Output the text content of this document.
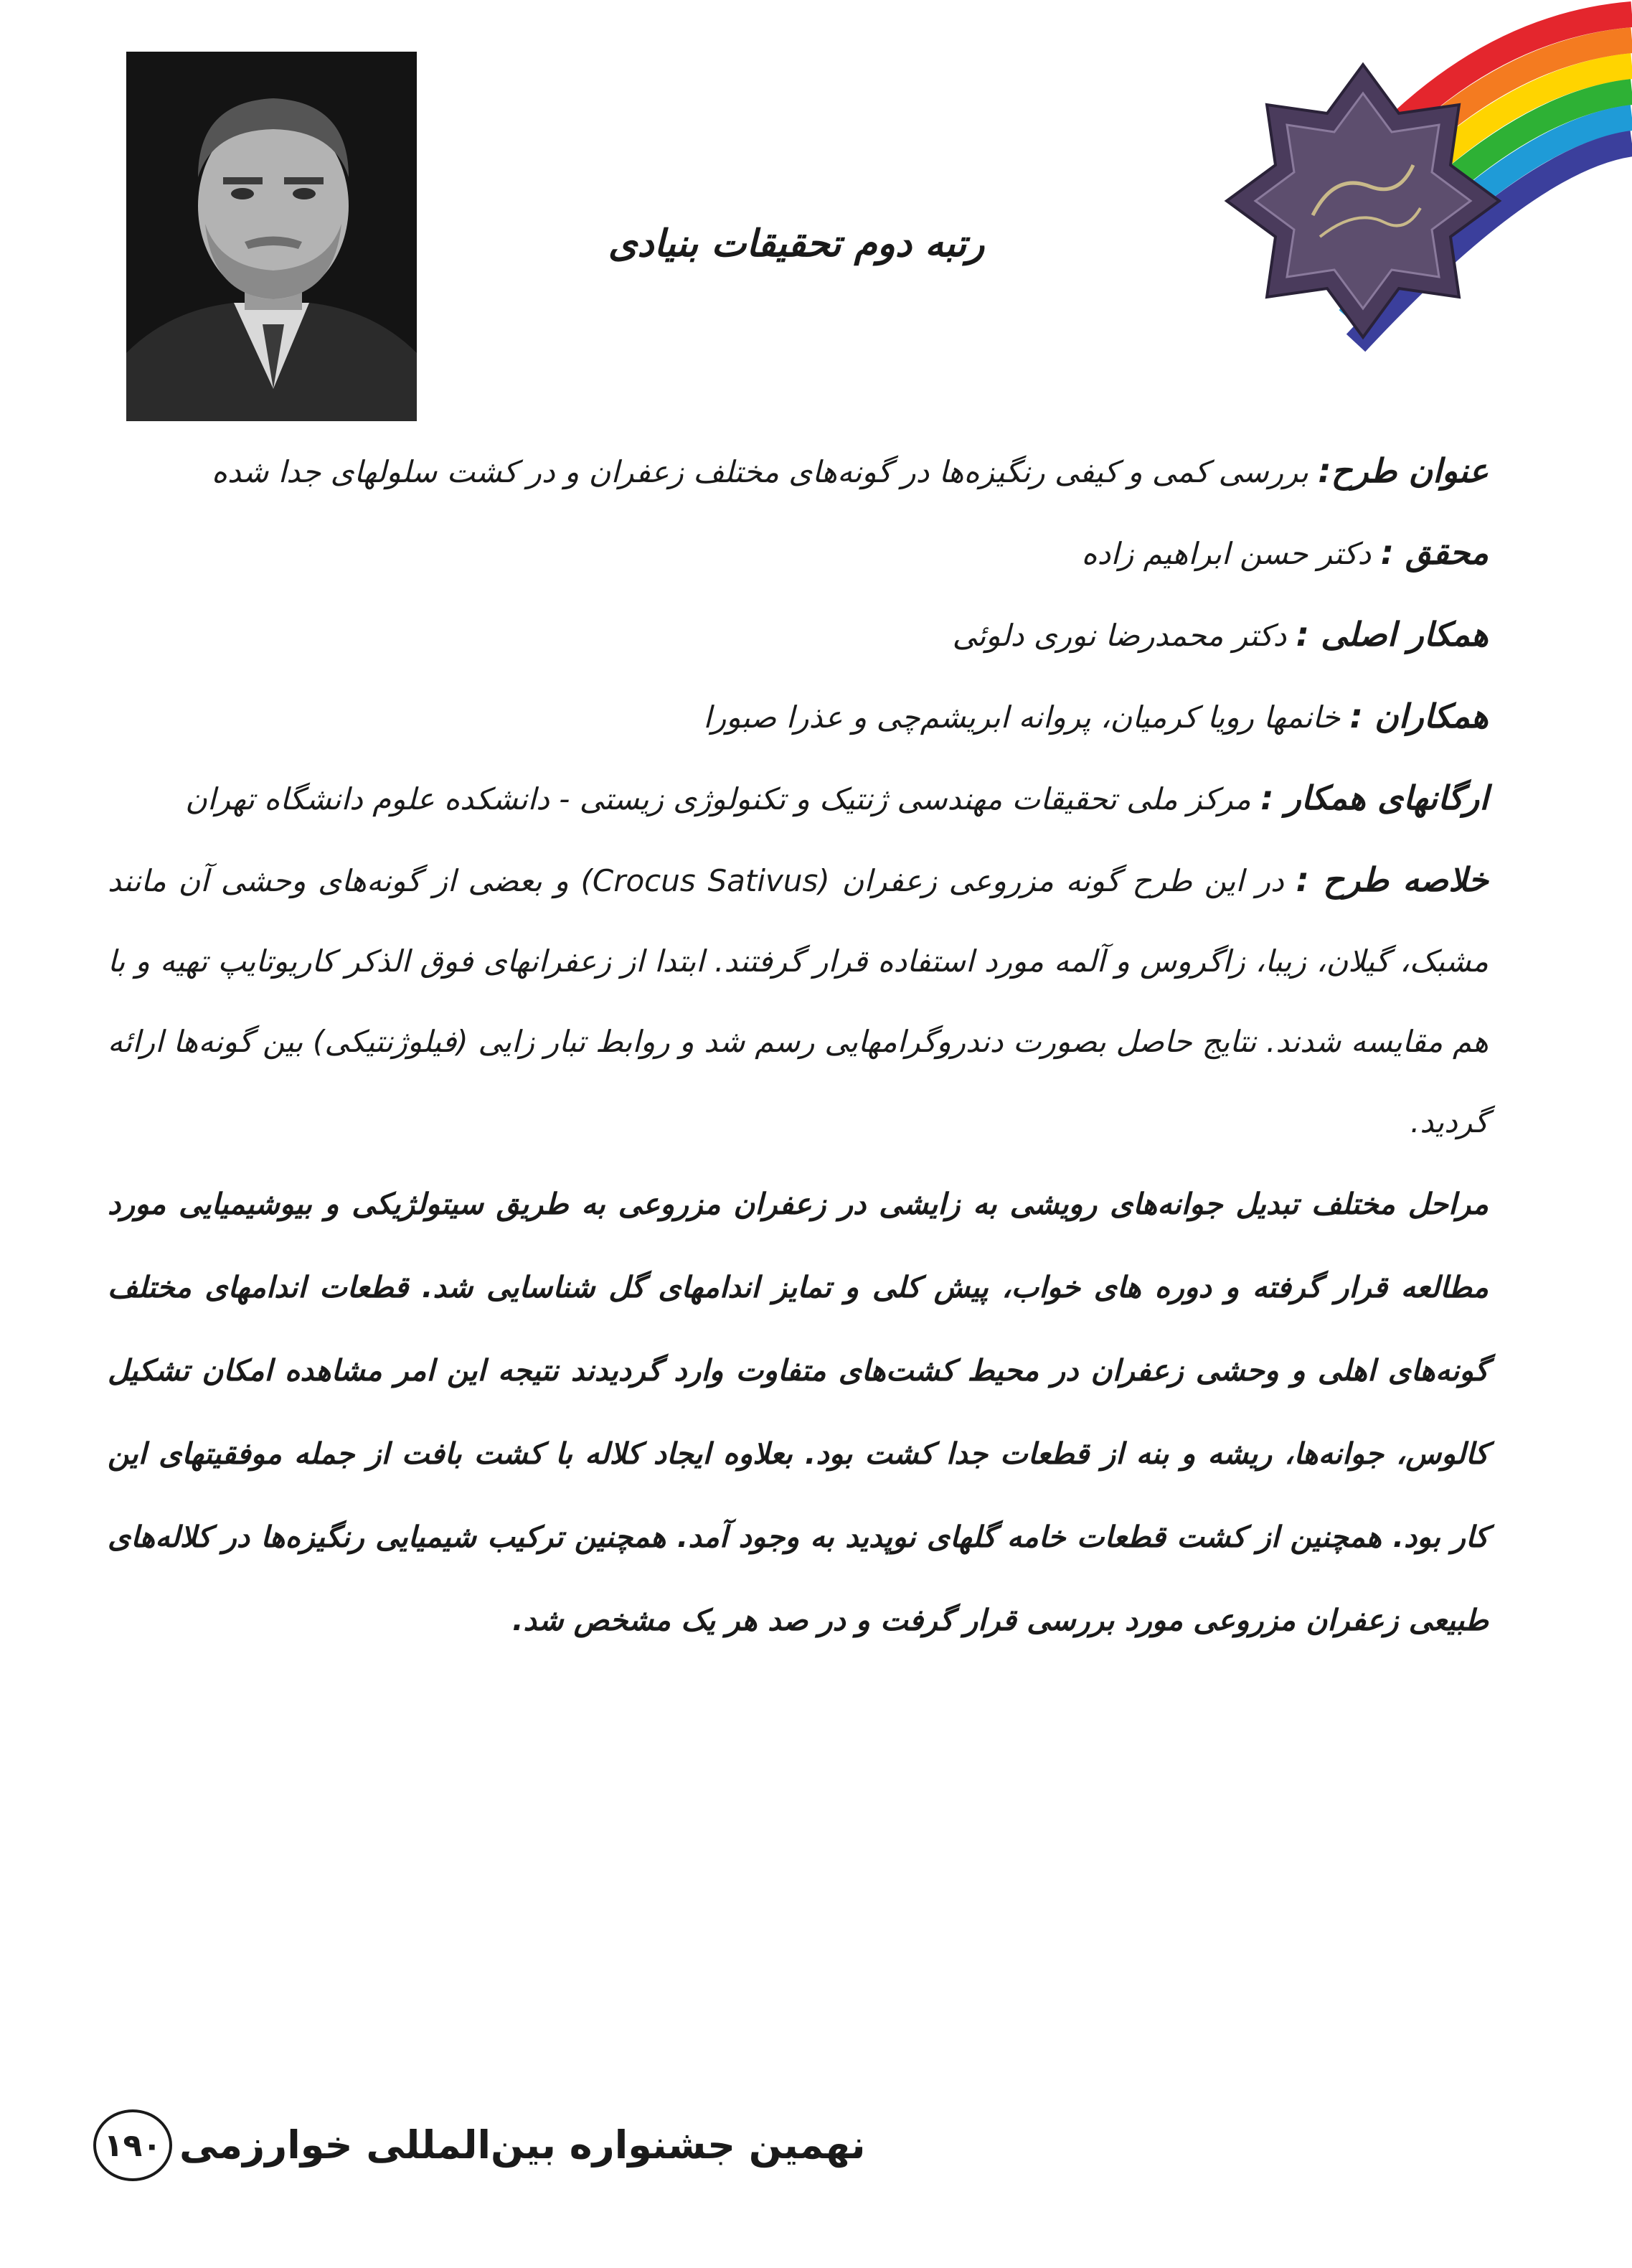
رتبه دوم تحقیقات بنیادی

عنوان طرح: بررسی کمی و کیفی رنگیزه‌ها در گونه‌های مختلف زعفران و در کشت سلولهای جدا شده

محقق : دکتر حسن ابراهیم زاده

همکار اصلی : دکتر محمدرضا نوری دلوئی

همکاران : خانمها رویا کرمیان، پروانه ابریشم‌چی و عذرا صبورا

ارگانهای همکار : مرکز ملی تحقیقات مهندسی ژنتیک و تکنولوژی زیستی - دانشکده علوم دانشگاه تهران

خلاصه طرح : در این طرح گونه مزروعی زعفران (Crocus Sativus) و بعضی از گونه‌های وحشی آن مانند مشبک، گیلان، زیبا، زاگروس و آلمه مورد استفاده قرار گرفتند. ابتدا از زعفرانهای فوق الذکر کاریوتایپ تهیه و با هم مقایسه شدند. نتایج حاصل بصورت دندروگرامهایی رسم شد و روابط تبار زایی (فیلوژنتیکی) بین گونه‌ها ارائه گردید.

مراحل مختلف تبدیل جوانه‌های رویشی به زایشی در زعفران مزروعی به طریق سیتولژیکی و بیوشیمیایی مورد مطالعه قرار گرفته و دوره های خواب، پیش کلی و تمایز اندامهای گل شناسایی شد. قطعات اندامهای مختلف گونه‌های اهلی و وحشی زعفران در محیط کشت‌های متفاوت وارد گردیدند نتیجه این امر مشاهده امکان تشکیل کالوس، جوانه‌ها، ریشه و بنه از قطعات جدا کشت بود. بعلاوه ایجاد کلاله با کشت بافت از جمله موفقیتهای این کار بود. همچنین از کشت قطعات خامه گلهای نوپدید به وجود آمد. همچنین ترکیب شیمیایی رنگیزه‌ها در کلاله‌های طبیعی زعفران مزروعی مورد بررسی قرار گرفت و در صد هر یک مشخص شد.

۱۹۰ نهمین جشنواره بین‌المللی خوارزمی
